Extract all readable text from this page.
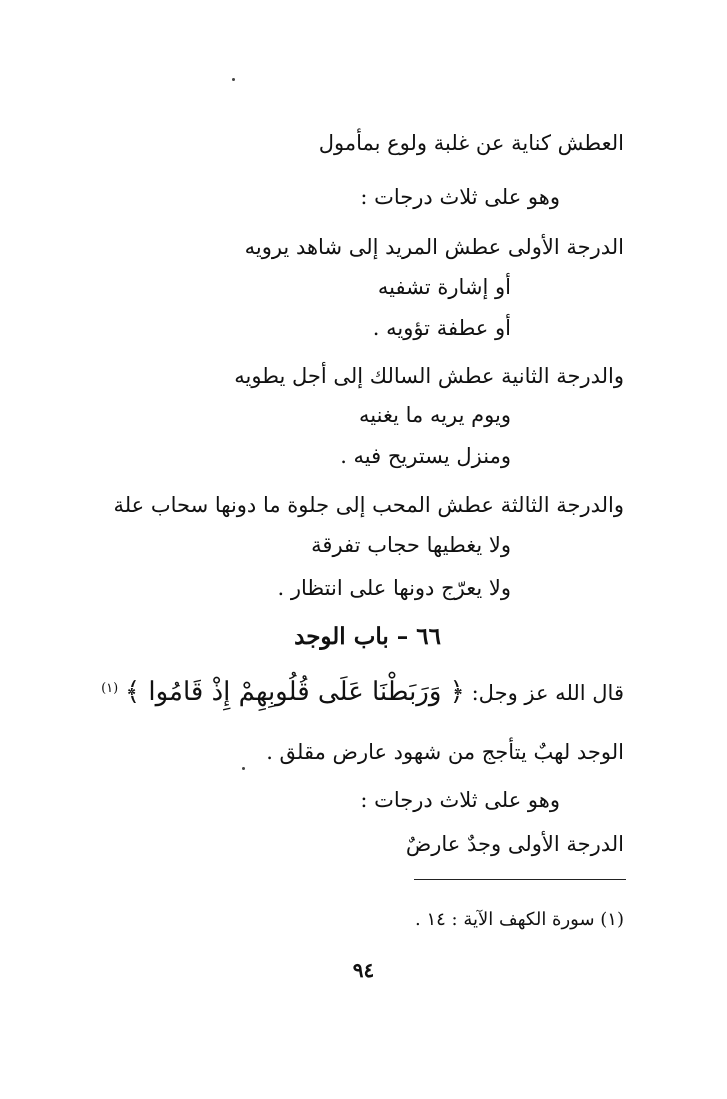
العطش كناية عن غلبة ولوع بمأمول
وهو على ثلاث درجات :
الدرجة الأولى عطش المريد إلى شاهد يرويه
أو إشارة تشفيه
أو عطفة تؤويه .
والدرجة الثانية عطش السالك إلى أجل يطويه
ويوم يريه ما يغنيه
ومنزل يستريح فيه .
والدرجة الثالثة عطش المحب إلى جلوة ما دونها سحاب علة
ولا يغطيها حجاب تفرقة
ولا يعرّج دونها على انتظار .
٦٦ – باب الوجد
قال الله عز وجل: ﴿ وَرَبَطْنَا عَلَى قُلُوبِهِمْ إِذْ قَامُوا ﴾ $^{(١)}$
الوجد لهبٌ يتأجج من شهود عارض مقلق .
وهو على ثلاث درجات :
الدرجة الأولى وجدٌ عارضٌ
(١) سورة الكهف الآية : ١٤ .
٩٤
